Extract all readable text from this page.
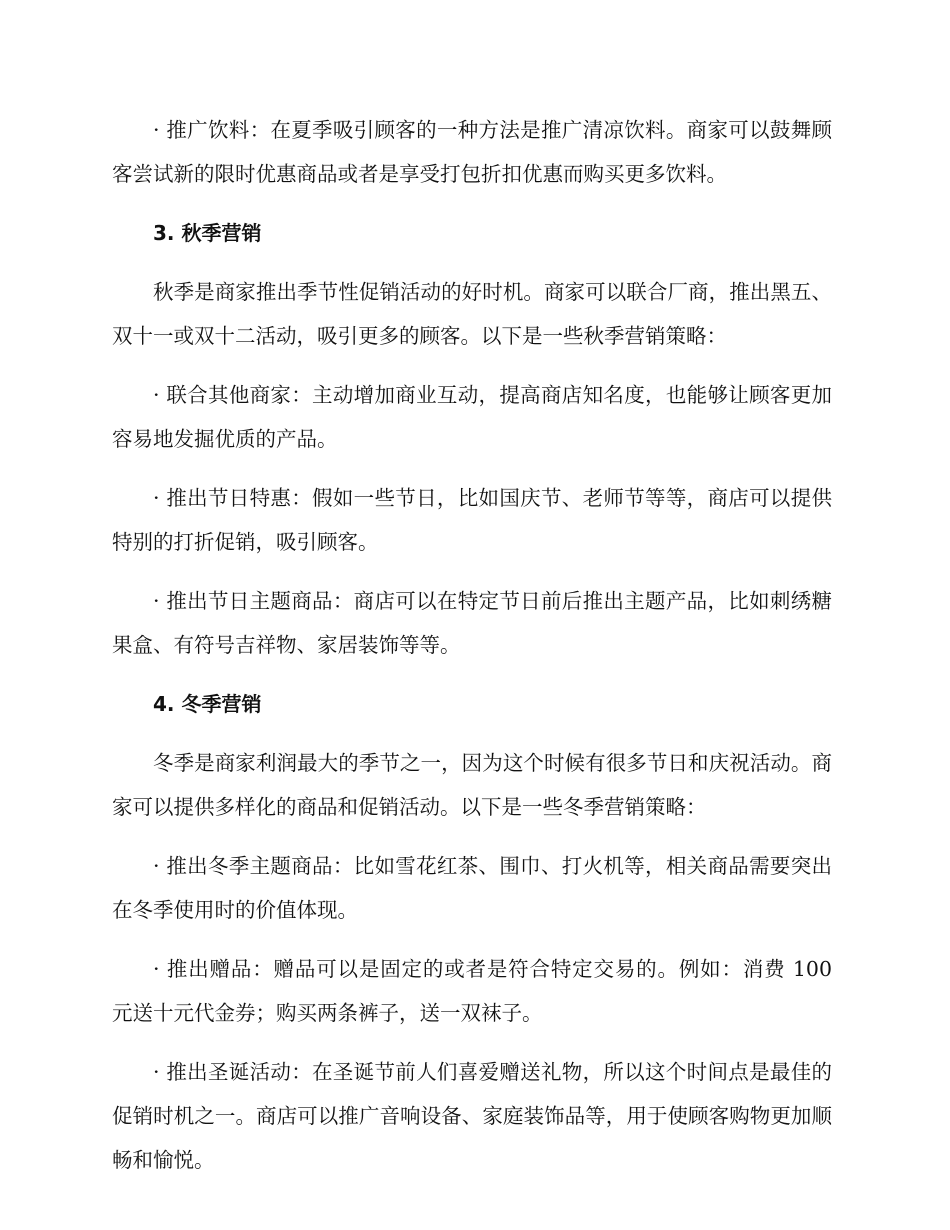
· 推广饮料：在夏季吸引顾客的一种方法是推广清凉饮料。商家可以鼓舞顾客尝试新的限时优惠商品或者是享受打包折扣优惠而购买更多饮料。

3. 秋季营销

秋季是商家推出季节性促销活动的好时机。商家可以联合厂商，推出黑五、双十一或双十二活动，吸引更多的顾客。以下是一些秋季营销策略：

· 联合其他商家：主动增加商业互动，提高商店知名度，也能够让顾客更加容易地发掘优质的产品。

· 推出节日特惠：假如一些节日，比如国庆节、老师节等等，商店可以提供特别的打折促销，吸引顾客。

· 推出节日主题商品：商店可以在特定节日前后推出主题产品，比如刺绣糖果盒、有符号吉祥物、家居装饰等等。

4. 冬季营销

冬季是商家利润最大的季节之一，因为这个时候有很多节日和庆祝活动。商家可以提供多样化的商品和促销活动。以下是一些冬季营销策略：

· 推出冬季主题商品：比如雪花红茶、围巾、打火机等，相关商品需要突出在冬季使用时的价值体现。

· 推出赠品：赠品可以是固定的或者是符合特定交易的。例如：消费 100 元送十元代金券；购买两条裤子，送一双袜子。

· 推出圣诞活动：在圣诞节前人们喜爱赠送礼物，所以这个时间点是最佳的促销时机之一。商店可以推广音响设备、家庭装饰品等，用于使顾客购物更加顺畅和愉悦。
